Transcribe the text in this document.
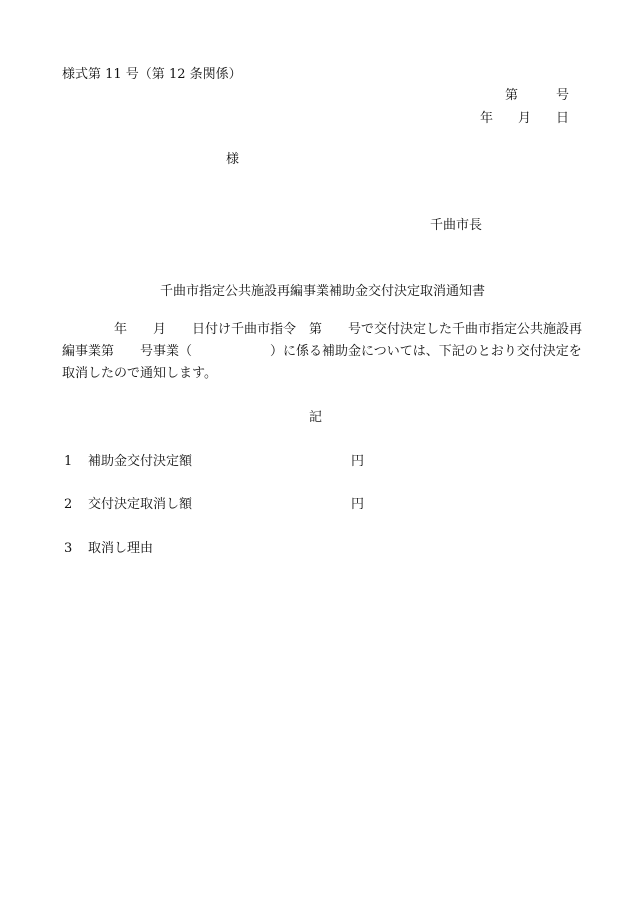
様式第 11 号（第 12 条関係）
第	号
年 月 日
様
千曲市長
千曲市指定公共施設再編事業補助金交付決定取消通知書
　　　　年　　月　　日付け千曲市指令　第　　号で交付決定した千曲市指定公共施設再
編事業第　　号事業（　　　　　　）に係る補助金については、下記のとおり交付決定を
取消したので通知します。
記
1 補助金交付決定額	円
2 交付決定取消し額	円
3 取消し理由
